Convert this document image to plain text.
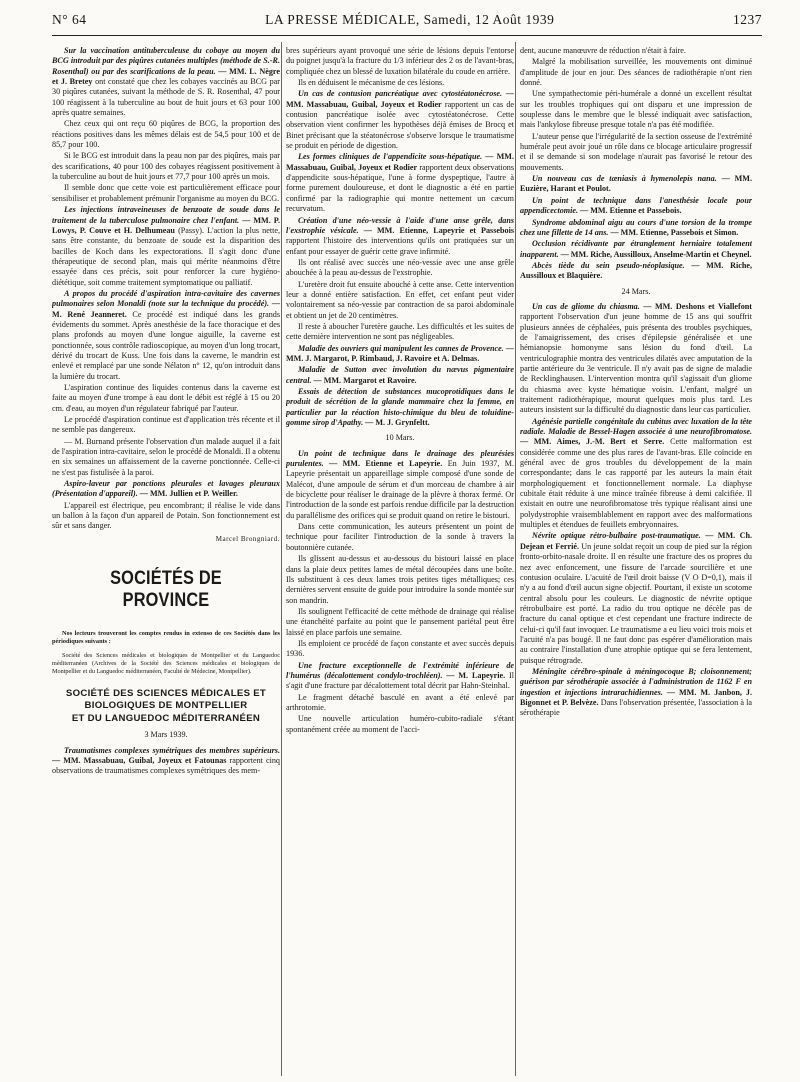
N° 64	LA PRESSE MÉDICALE, Samedi, 12 Août 1939	1237

Sur la vaccination antituberculeuse du cobaye au moyen du BCG introduit par des piqûres cutanées multiples (méthode de S.-R. Rosenthal) ou par des scarifications de la peau. — MM. L. Nègre et J. Bretey ont constaté que chez les cobayes vaccinés au BCG par 30 piqûres cutanées, suivant la méthode de S. R. Rosenthal, 47 pour 100 réagissent à la tuberculine au bout de huit jours et 63 pour 100 après quatre semaines.

Chez ceux qui ont reçu 60 piqûres de BCG, la proportion des réactions positives dans les mêmes délais est de 54,5 pour 100 et de 85,7 pour 100.

Si le BCG est introduit dans la peau non par des piqûres, mais par des scarifications, 40 pour 100 des cobayes réagissent positivement à la tuberculine au bout de huit jours et 77,7 pour 100 après un mois.

Il semble donc que cette voie est particulièrement efficace pour sensibiliser et probablement prémunir l'organisme au moyen du BCG.

Les injections intraveineuses de benzoate de soude dans le traitement de la tuberculose pulmonaire chez l'enfant. — MM. P. Lowys, P. Couve et H. Delhumeau (Passy). L'action la plus nette, sans être constante, du benzoate de soude est la disparition des bacilles de Koch dans les expectorations. Il s'agit donc d'une thérapeutique de second plan, mais qui mérite néanmoins d'être essayée dans ces précis, soit pour renforcer la cure hygiéno-diététique, soit comme traitement symptomatique ou palliatif.

A propos du procédé d'aspiration intra-cavitaire des cavernes pulmonaires selon Monaldi (note sur la technique du procédé). — M. René Jeanneret. Ce procédé est indiqué dans les grands évidements du sommet. Après anesthésie de la face thoracique et des plans profonds au moyen d'une longue aiguille, la caverne est ponctionnée, sous contrôle radioscopique, au moyen d'un long trocart, dérivé du trocart de Kuss. Une fois dans la caverne, le mandrin est enlevé et remplacé par une sonde Nélaton n° 12, qu'on introduit dans la lumière du trocart.

L'aspiration continue des liquides contenus dans la caverne est faite au moyen d'une trompe à eau dont le débit est réglé à 15 ou 20 cm. d'eau, au moyen d'un régulateur fabriqué par l'auteur.

Le procédé d'aspiration continue est d'application très récente et il ne semble pas dangereux.

— M. Burnand présente l'observation d'un malade auquel il a fait de l'aspiration intra-cavitaire, selon le procédé de Monaldi. Il a obtenu en six semaines un affaissement de la caverne ponctionnée. Celle-ci ne s'est pas fistulisée à la paroi.

Aspiro-laveur par ponctions pleurales et lavages pleuraux (Présentation d'appareil). — MM. Jullien et P. Weiller.

L'appareil est électrique, peu encombrant; il réalise le vide dans un ballon à la façon d'un appareil de Potain. Son fonctionnement est sûr et sans danger.

Marcel Brongniard.
SOCIÉTÉS DE PROVINCE

Nos lecteurs trouveront les comptes rendus in extenso de ces Sociétés dans les périodiques suivants :

Société des Sciences médicales et biologiques de Montpellier et du Languedoc méditerranéen (Archives de la Société des Sciences médicales et biologiques de Montpellier et du Languedoc méditerranéen, Faculté de Médecine, Montpellier).

SOCIÉTÉ DES SCIENCES MÉDICALES ET BIOLOGIQUES DE MONTPELLIER
ET DU LANGUEDOC MÉDITERRANÉEN

3 Mars 1939.

Traumatismes complexes symétriques des membres supérieurs. — MM. Massabuau, Guibal, Joyeux et Fatounas rapportent cinq observations de traumatismes complexes symétriques des mem-

bres supérieurs ayant provoqué une série de lésions depuis l'entorse du poignet jusqu'à la fracture du 1/3 inférieur des 2 os de l'avant-bras, compliquée chez un blessé de luxation bilatérale du coude en arrière.

Ils en déduisent le mécanisme de ces lésions.

Un cas de contusion pancréatique avec cytostéatonécrose. — MM. Massabuau, Guibal, Joyeux et Rodier rapportent un cas de contusion pancréatique isolée avec cytostéatonécrose. Cette observation vient confirmer les hypothèses déjà émises de Brocq et Binet précisant que la stéatonécrose s'observe lorsque le traumatisme se produit en période de digestion.

Les formes cliniques de l'appendicite sous-hépatique. — MM. Massabuau, Guibal, Joyeux et Rodier rapportent deux observations d'appendicite sous-hépatique, l'une à forme dyspeptique, l'autre à forme purement douloureuse, et dont le diagnostic a été en partie confirmé par la radiographie qui montre nettement un cæcum recurvatum.

Création d'une néo-vessie à l'aide d'une anse grêle, dans l'exstrophie vésicale. — MM. Etienne, Lapeyrie et Passebois rapportent l'histoire des interventions qu'ils ont pratiquées sur un enfant pour essayer de guérir cette grave infirmité.

Ils ont réalisé avec succès une néo-vessie avec une anse grêle abouchée à la peau au-dessus de l'exstrophie.

L'uretère droit fut ensuite abouché à cette anse. Cette intervention leur a donné entière satisfaction. En effet, cet enfant peut vider volontairement sa néo-vessie par contraction de sa paroi abdominale et obtient un jet de 20 centimètres.

Il reste à aboucher l'uretère gauche. Les difficultés et les suites de cette dernière intervention ne sont pas négligeables.

Maladie des ouvriers qui manipulent les cannes de Provence. — MM. J. Margarot, P. Rimbaud, J. Ravoire et A. Delmas.

Maladie de Sutton avec involution du nævus pigmentaire central. — MM. Margarot et Ravoire.

Essais de détection de substances mucoprotidiques dans le produit de sécrétion de la glande mammaire chez la femme, en particulier par la réaction histo-chimique du bleu de toluidine-gomme sirop d'Apathy. — M. J. Grynfeltt.

10 Mars.

Un point de technique dans le drainage des pleurésies purulentes. — MM. Etienne et Lapeyrie. En Juin 1937, M. Lapeyrie présentait un appareillage simple composé d'une sonde de Malécot, d'une ampoule de sérum et d'un morceau de chambre à air de bicyclette pour réaliser le drainage de la plèvre à thorax fermé. Or l'introduction de la sonde est parfois rendue difficile par la destruction du parallélisme des orifices qui se produit quand on retire le bistouri.

Dans cette communication, les auteurs présentent un point de technique pour faciliter l'introduction de la sonde à travers la boutonnière cutanée.

Ils glissent au-dessus et au-dessous du bistouri laissé en place dans la plaie deux petites lames de métal découpées dans une boîte. Ils substituent à ces deux lames trois petites tiges métalliques; ces dernières servent ensuite de guide pour introduire la sonde montée sur son mandrin.

Ils soulignent l'efficacité de cette méthode de drainage qui réalise une étanchéité parfaite au point que le pansement pariétal peut être laissé en place parfois une semaine.

Ils emploient ce procédé de façon constante et avec succès depuis 1936.

Une fracture exceptionnelle de l'extrémité inférieure de l'humérus (décalottement condylo-trochléen). — M. Lapeyrie. Il s'agit d'une fracture par décalottement total décrit par Hahn-Steinhal.

Le fragment détaché basculé en avant a été enlevé par arthrotomie.

Une nouvelle articulation huméro-cubito-radiale s'étant spontanément créée au moment de l'acci-

dent, aucune manœuvre de réduction n'était à faire.

Malgré la mobilisation surveillée, les mouvements ont diminué d'amplitude de jour en jour. Des séances de radiothérapie n'ont rien donné.

Une sympathectomie péri-humérale a donné un excellent résultat sur les troubles trophiques qui ont disparu et une impression de souplesse dans le membre que le blessé indiquait avec satisfaction, mais l'ankylose fibreuse presque totale n'a pas été modifiée.

L'auteur pense que l'irrégularité de la section osseuse de l'extrémité humérale peut avoir joué un rôle dans ce blocage articulaire progressif et il se demande si son modelage n'aurait pas favorisé le retour des mouvements.

Un nouveau cas de tæniasis à hymenolepis nana. — MM. Euzière, Harant et Poulot.

Un point de technique dans l'anesthésie locale pour appendicectomie. — MM. Etienne et Passebois.

Syndrome abdominal aigu au cours d'une torsion de la trompe chez une fillette de 14 ans. — MM. Etienne, Passebois et Simon.

Occlusion récidivante par étranglement herniaire totalement inapparent. — MM. Riche, Aussilloux, Anselme-Martin et Cheynel.

Abcès tiède du sein pseudo-néoplasique. — MM. Riche, Aussilloux et Blaquière.

24 Mars.

Un cas de gliome du chiasma. — MM. Deshons et Viallefont rapportent l'observation d'un jeune homme de 15 ans qui souffrit plusieurs années de céphalées, puis présenta des troubles psychiques, de l'amaigrissement, des crises d'épilepsie généralisée et une hémianopsie homonyme sans lésion du fond d'œil. La ventriculographie montra des ventricules dilatés avec amputation de la partie antérieure du 3e ventricule. Il n'y avait pas de signe de maladie de Recklinghausen. L'intervention montra qu'il s'agissait d'un gliome du chiasma avec kyste hématique voisin. L'enfant, malgré un traitement radiothérapique, mourut quelques mois plus tard. Les auteurs insistent sur la difficulté du diagnostic dans leur cas particulier.

Agénésie partielle congénitale du cubitus avec luxation de la tête radiale. Maladie de Bessel-Hagen associée à une neurofibromatose. — MM. Aimes, J.-M. Bert et Serre. Cette malformation est considérée comme une des plus rares de l'avant-bras. Elle coïncide en général avec de gros troubles du développement de la main correspondante; dans le cas rapporté par les auteurs la main était morphologiquement et fonctionnellement normale. La diaphyse cubitale était réduite à une mince traînée fibreuse à demi calcifiée. Il existait en outre une neurofibromatose très typique réalisant ainsi une polydystrophie vraisemblablement en rapport avec des malformations multiples et étendues de feuillets embryonnaires.

Névrite optique rétro-bulbaire post-traumatique. — MM. Ch. Dejean et Ferrié. Un jeune soldat reçoit un coup de pied sur la région fronto-orbito-nasale droite. Il en résulte une fracture des os propres du nez avec enfoncement, une fissure de l'arcade sourcilière et une contusion oculaire. L'acuité de l'œil droit baisse (V O D=0,1), mais il n'y a au fond d'œil aucun signe objectif. Pourtant, il existe un scotome central absolu pour les couleurs. Le diagnostic de névrite optique rétrobulbaire est porté. La radio du trou optique ne décèle pas de fracture du canal optique et c'est cependant une fracture indirecte de celui-ci qu'il faut invoquer. Le traumatisme a eu lieu voici trois mois et l'acuité n'a pas bougé. Il ne faut donc pas espérer d'amélioration mais au contraire l'installation d'une atrophie optique qui se fera lentement, puisque rétrograde.

Méningite cérébro-spinale à méningocoque B; cloisonnement; guérison par sérothérapie associée à l'administration de 1162 F en ingestion et injections intrarachidiennes. — MM. M. Janbon, J. Bigonnet et P. Belvèze. Dans l'observation présentée, l'association à la sérothérapie
